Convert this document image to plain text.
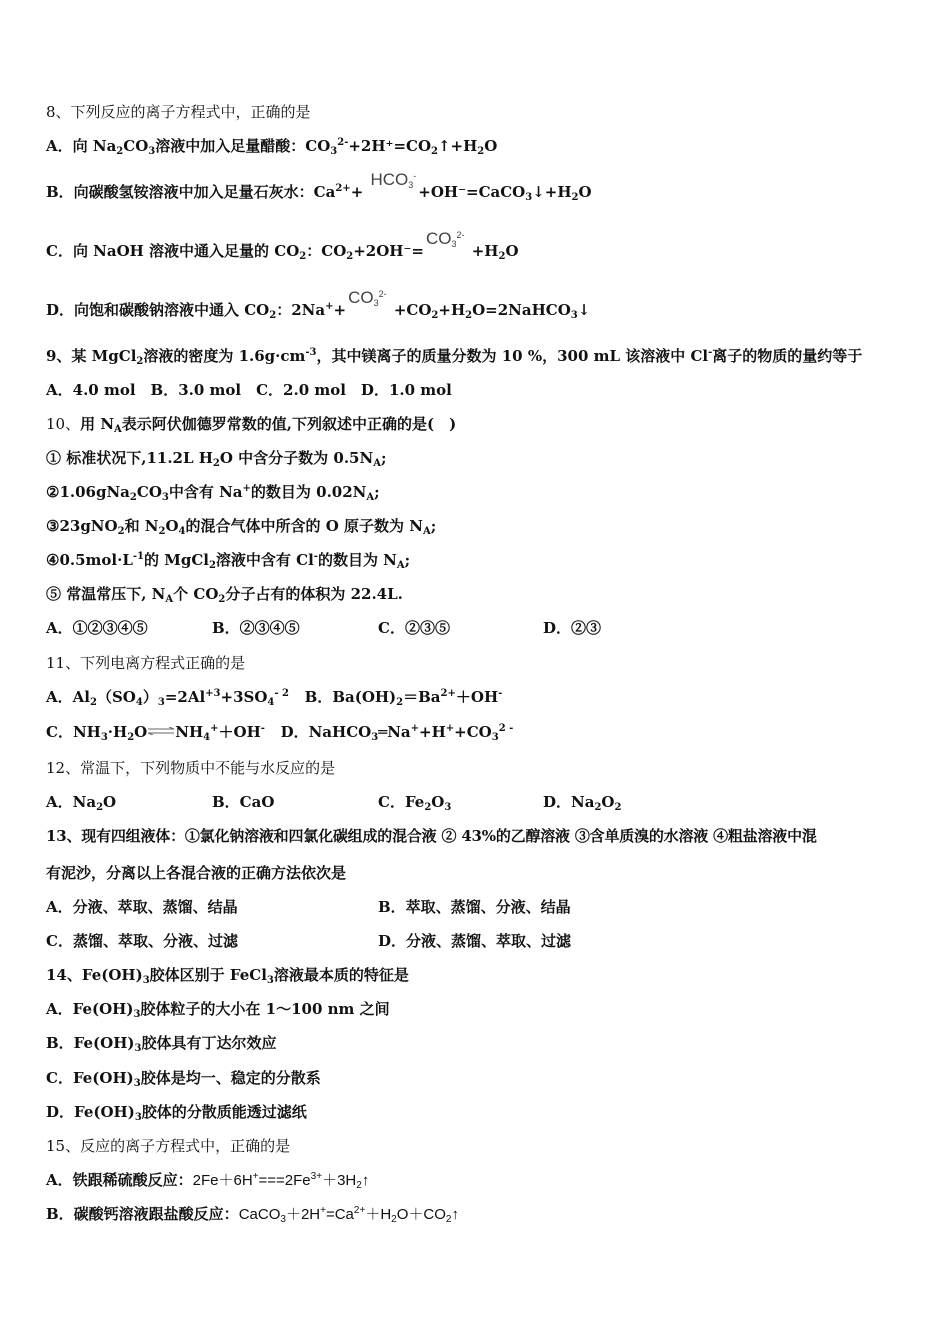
8、下列反应的离子方程式中，正确的是
A．向 $Na_2CO_3$溶液中加入足量醋酸：$CO_3^{2-}+2H^+=CO_2↑+H_2O$
B．向碳酸氢铵溶液中加入足量石灰水：$Ca^{2+}+$ $HCO_3^-+OH^-=CaCO_3↓+H_2O$
C．向 NaOH 溶液中通入足量的 $CO_2$：$CO_2+2OH^-=CO_3^{2-} +H_2O$
D．向饱和碳酸钠溶液中通入 $CO_2$：$2Na^++CO_3^{2-}$ $+CO_2+H_2O=2NaHCO_3↓$
9、某 MgCl$_2$溶液的密度为 $1.6g\cdot cm^{-3}$，其中镁离子的质量分数为 10 %，300 mL 该溶液中 Cl-离子的物质的量约等于
A．4.0 mol　B．3.0 mol　C．2.0 mol　D．1.0 mol
10、用 $N_A$表示阿伏伽德罗常数的值,下列叙述中正确的是(　)
① 标准状况下,11.2L $H_2O$ 中含分子数为 $0.5N_A$;
$②1.06gNa_2CO_3$中含有 Na+的数目为 $0.02N_A$;
③23gNO$_2$和 $N_2O_4$的混合气体中所含的 O 原子数为 $N_A$;
$④0.5mol\cdot L^{-1}$的 MgCl$_2$溶液中含有 Cl-的数目为 $N_A$;
⑤ 常温常压下, $N_A$个 $CO_2$分子占有的体积为 22.4L.
A．①②③④⑤	B．②③④⑤	C．②③⑤	D．②③
11、下列电离方程式正确的是
A．$Al_2(SO_4)_3=2Al^{+3}+3SO_4^{- 2}$ B．$Ba(OH)_2=Ba^{2+}+OH^-$
C．$NH_3\cdot H_2O\rightleftharpoons NH_4^++OH^-$ D．$NaHCO_3═Na^++H^++CO_3^{2 -}$
12、常温下，下列物质中不能与水反应的是
A．$Na_2O$	B．CaO	C．$Fe_2O_3$	D．$Na_2O_2$
13、现有四组液体：①氯化钠溶液和四氯化碳组成的混合液 ② 43%的乙醇溶液 ③含单质溴的水溶液 ④粗盐溶液中混
有泥沙，分离以上各混合液的正确方法依次是
A．分液、萃取、蒸馏、结晶	B．萃取、蒸馏、分液、结晶
C．蒸馏、萃取、分液、过滤	D．分液、蒸馏、萃取、过滤
14、$Fe(OH)_3$胶体区别于 FeCl$_3$溶液最本质的特征是
A．$Fe(OH)_3$胶体粒子的大小在 1～100 nm 之间
B．$Fe(OH)_3$胶体具有丁达尔效应
C．$Fe(OH)_3$胶体是均一、稳定的分散系
D．$Fe(OH)_3$胶体的分散质能透过滤纸
15、反应的离子方程式中，正确的是
A．铁跟稀硫酸反应：$2Fe+6H^+===2Fe^{3+}+3H_2↑$
B．碳酸钙溶液跟盐酸反应：$CaCO_3+2H^+=Ca^{2+}+H_2O+CO_2↑$
